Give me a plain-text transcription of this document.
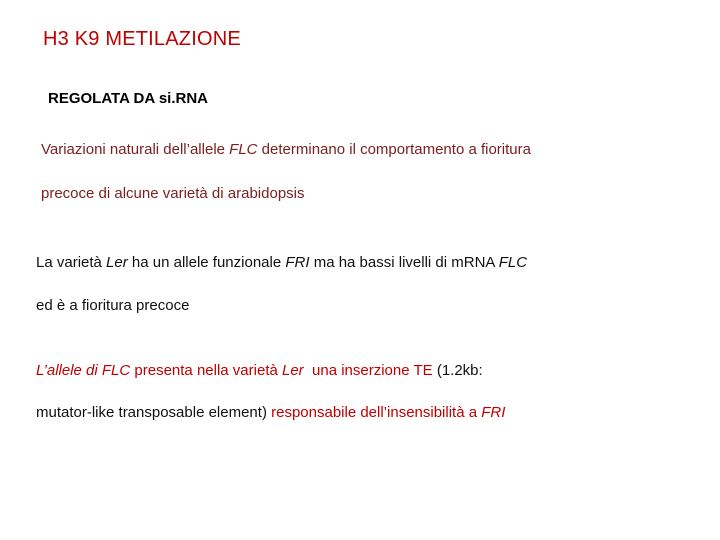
H3 K9 METILAZIONE
REGOLATA DA si.RNA
Variazioni naturali dell’allele FLC determinano il comportamento a fioritura
precoce di alcune varietà di arabidopsis
La varietà Ler ha un allele funzionale FRI ma ha bassi livelli di mRNA FLC
ed è a fioritura precoce
L’allele di FLC presenta nella varietà Ler  una inserzione TE (1.2kb:
mutator-like transposable element) responsabile dell’insensibilità a FRI
